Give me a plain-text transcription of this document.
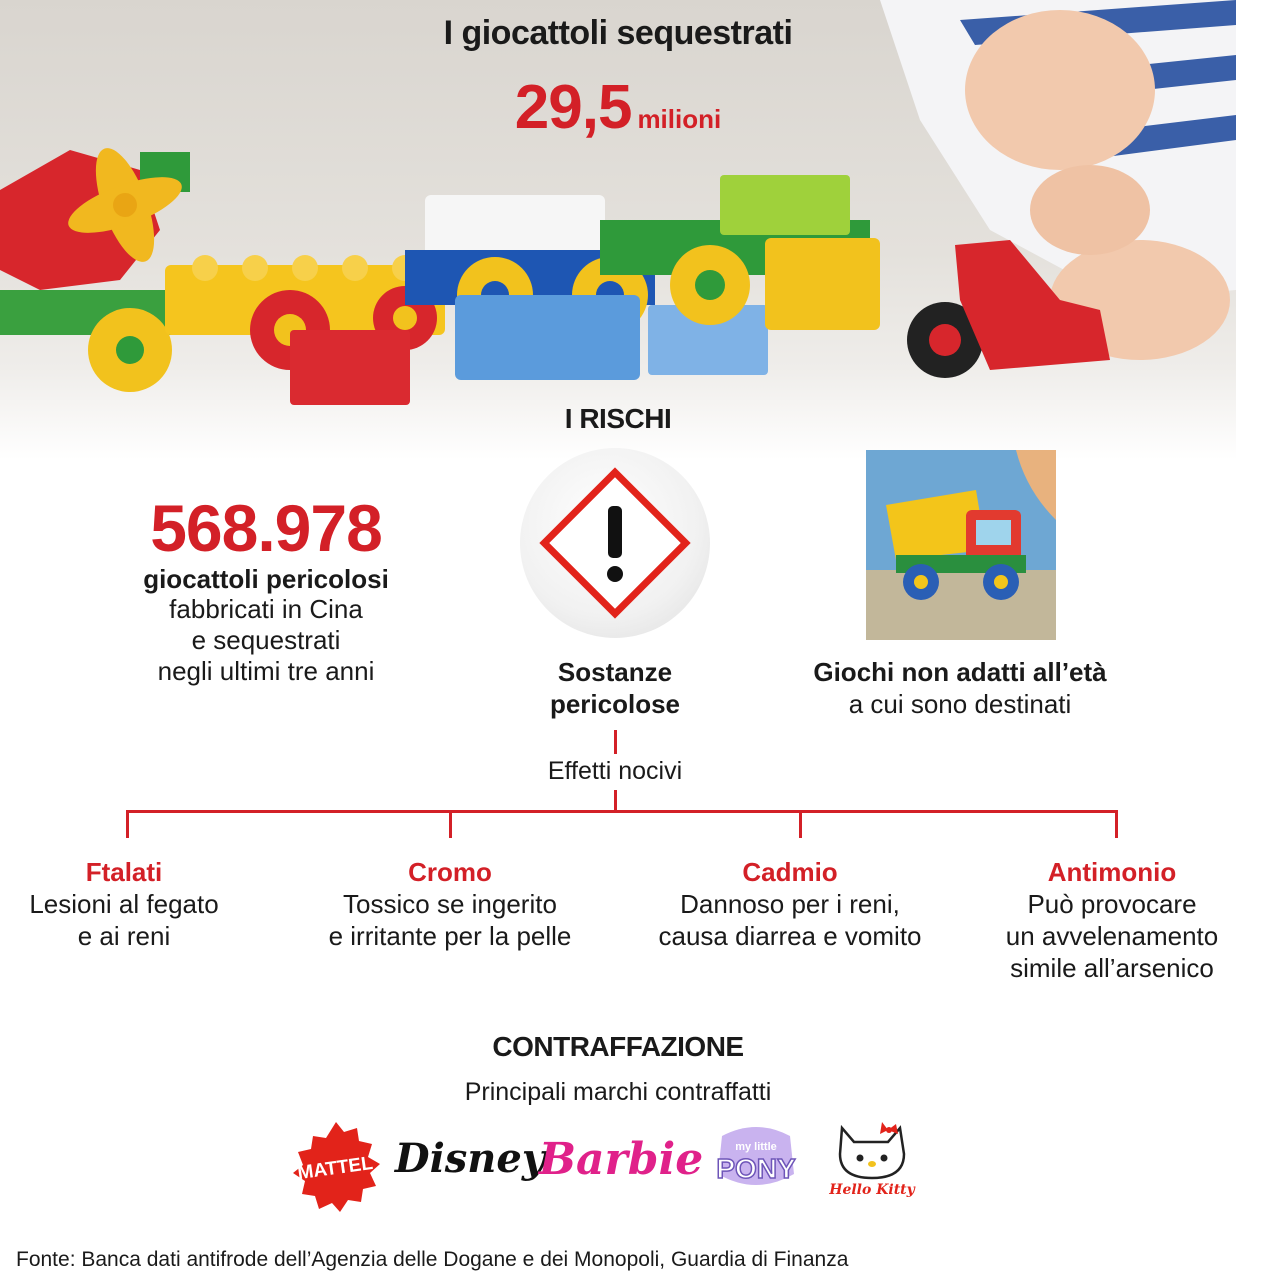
I giocattoli sequestrati
29,5 milioni
I RISCHI
568.978
giocattoli pericolosi
fabbricati in Cina
e sequestrati
negli ultimi tre anni	Sostanze
pericolose
Giochi non adatti all’età
a cui sono destinati
Effetti nocivi
Ftalati
Lesioni al fegato
e ai reni
Cromo
Tossico se ingerito
e irritante per la pelle
Cadmio
Dannoso per i reni,
causa diarrea e vomito
Antimonio
Può provocare
un avvelenamento
simile all’arsenico
CONTRAFFAZIONE
Principali marchi contraffatti
MATTEL Disney
Barbie	my little
PONY
Hello Kitty
Fonte: Banca dati antifrode dell’Agenzia delle Dogane e dei Monopoli, Guardia di Finanza
